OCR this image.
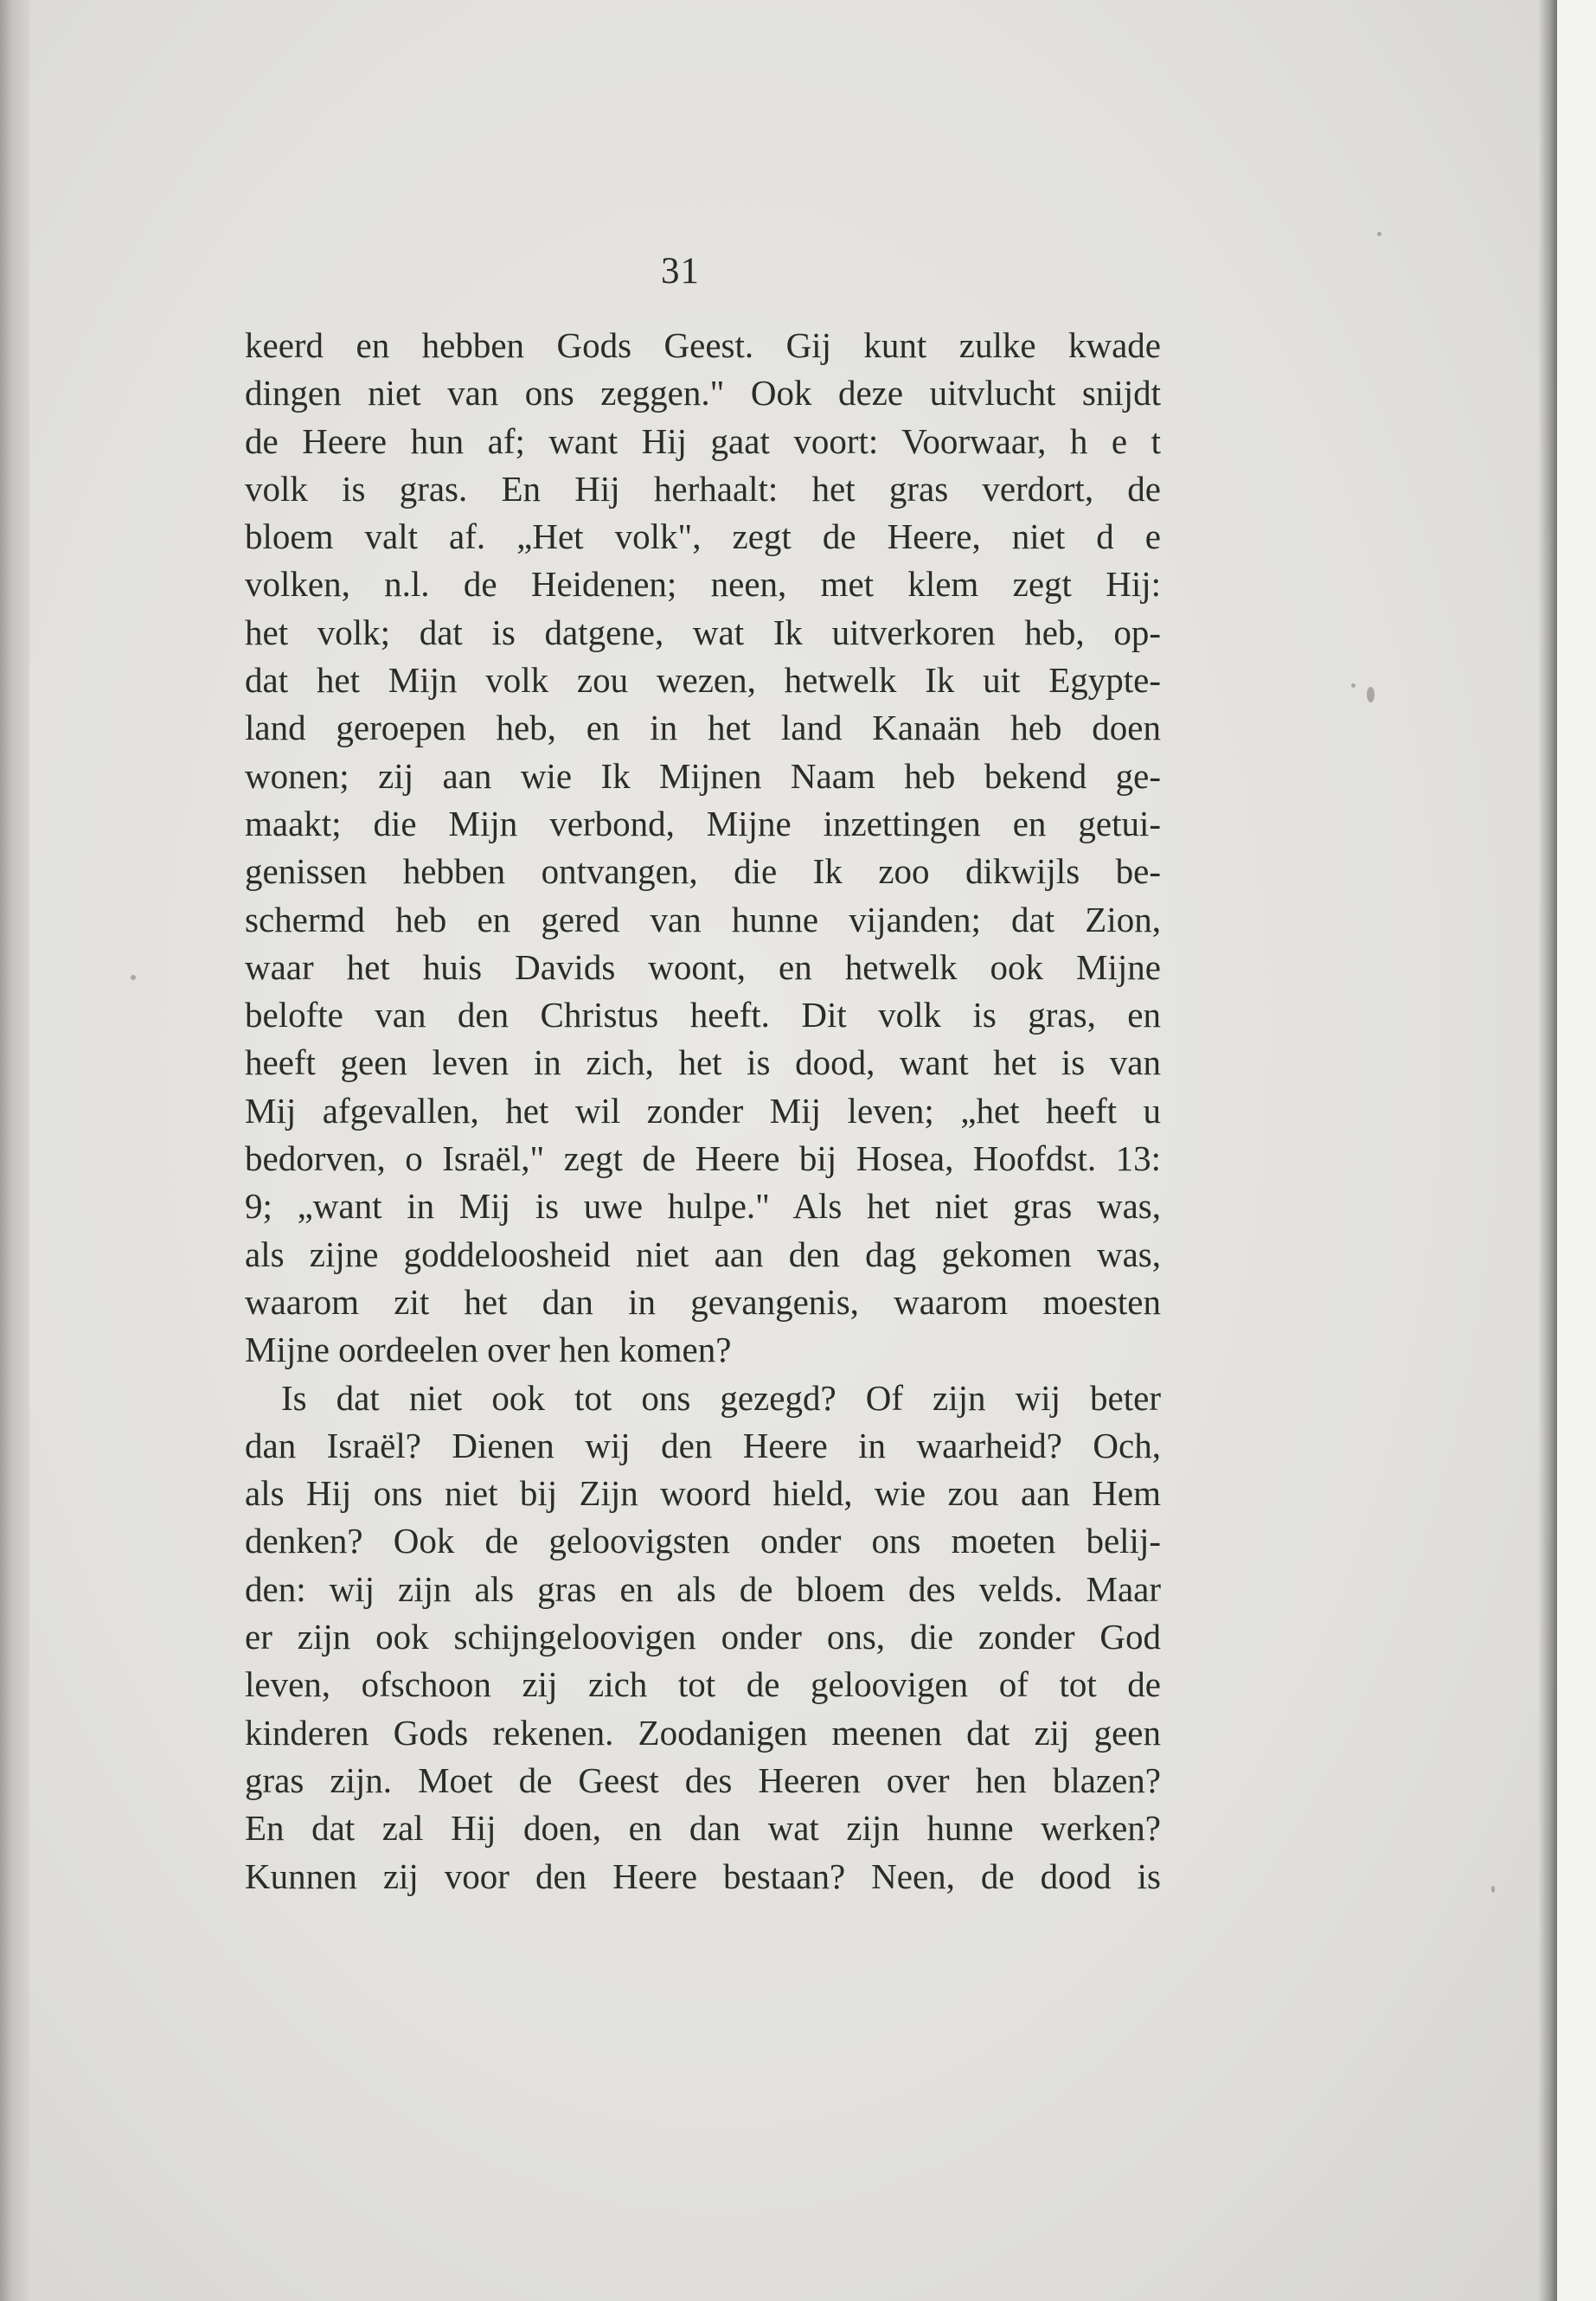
31
keerd en hebben Gods Geest. Gij kunt zulke kwade
dingen niet van ons zeggen." Ook deze uitvlucht snijdt
de Heere hun af; want Hij gaat voort: Voorwaar, h e t
volk is gras. En Hij herhaalt: het gras verdort, de
bloem valt af. „Het volk", zegt de Heere, niet d e
volken, n.l. de Heidenen; neen, met klem zegt Hij:
het volk; dat is datgene, wat Ik uitverkoren heb, op-
dat het Mijn volk zou wezen, hetwelk Ik uit Egypte-
land geroepen heb, en in het land Kanaän heb doen
wonen; zij aan wie Ik Mijnen Naam heb bekend ge-
maakt; die Mijn verbond, Mijne inzettingen en getui-
genissen hebben ontvangen, die Ik zoo dikwijls be-
schermd heb en gered van hunne vijanden; dat Zion,
waar het huis Davids woont, en hetwelk ook Mijne
belofte van den Christus heeft. Dit volk is gras, en
heeft geen leven in zich, het is dood, want het is van
Mij afgevallen, het wil zonder Mij leven; „het heeft u
bedorven, o Israël," zegt de Heere bij Hosea, Hoofdst. 13:
9; „want in Mij is uwe hulpe." Als het niet gras was,
als zijne goddeloosheid niet aan den dag gekomen was,
waarom zit het dan in gevangenis, waarom moesten
Mijne oordeelen over hen komen?
Is dat niet ook tot ons gezegd? Of zijn wij beter
dan Israël? Dienen wij den Heere in waarheid? Och,
als Hij ons niet bij Zijn woord hield, wie zou aan Hem
denken? Ook de geloovigsten onder ons moeten belij-
den: wij zijn als gras en als de bloem des velds. Maar
er zijn ook schijngeloovigen onder ons, die zonder God
leven, ofschoon zij zich tot de geloovigen of tot de
kinderen Gods rekenen. Zoodanigen meenen dat zij geen
gras zijn. Moet de Geest des Heeren over hen blazen?
En dat zal Hij doen, en dan wat zijn hunne werken?
Kunnen zij voor den Heere bestaan? Neen, de dood is
